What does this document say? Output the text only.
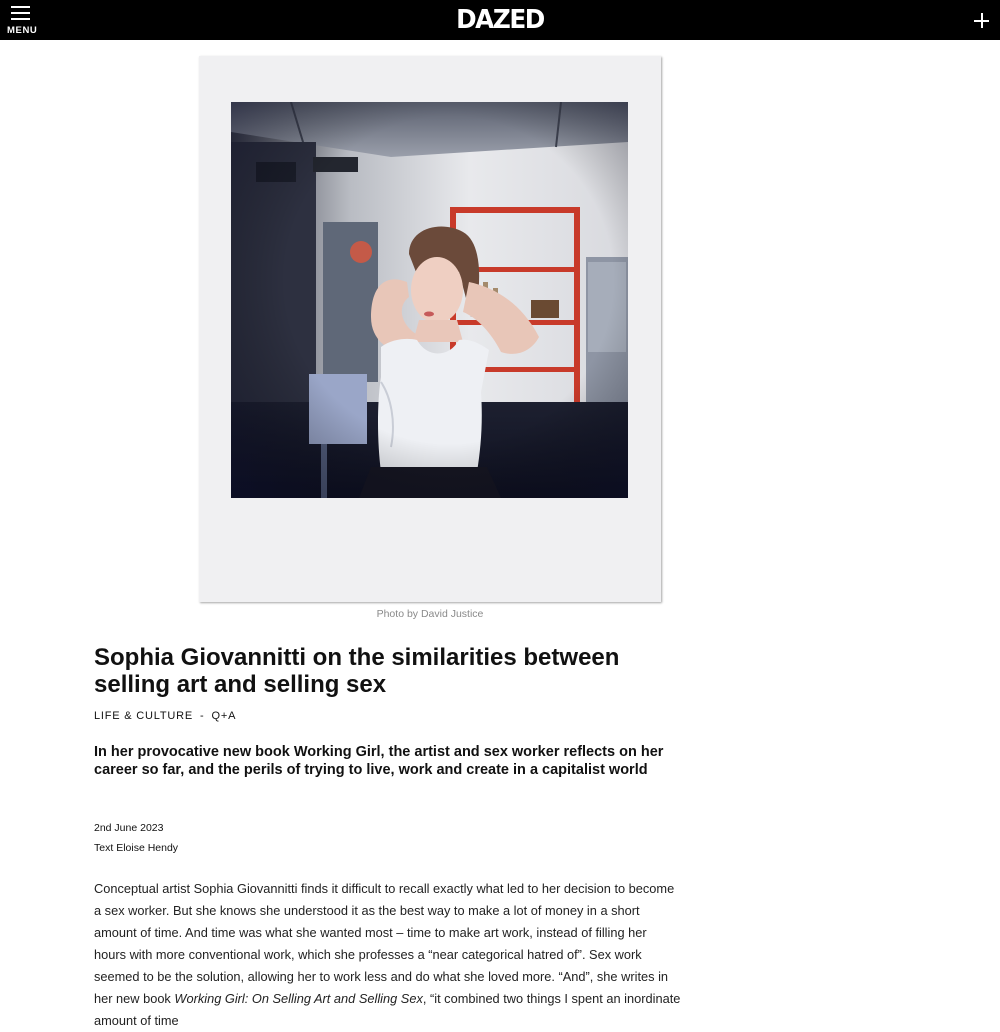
MENU	DAZED
Photo by David Justice
Sophia Giovannitti on the similarities between selling art and selling sex
LIFE & CULTURE - Q+A

In her provocative new book Working Girl, the artist and sex worker reflects on her career so far, and the perils of trying to live, work and create in a capitalist world

2nd June 2023
Text Eloise Hendy

Conceptual artist Sophia Giovannitti finds it difficult to recall exactly what led to her decision to become a sex worker. But she knows she understood it as the best way to make a lot of money in a short amount of time. And time was what she wanted most – time to make art work, instead of filling her hours with more conventional work, which she professes a “near categorical hatred of”. Sex work seemed to be the solution, allowing her to work less and do what she loved more. “And”, she writes in her new book Working Girl: On Selling Art and Selling Sex, “it combined two things I spent an inordinate amount of time
